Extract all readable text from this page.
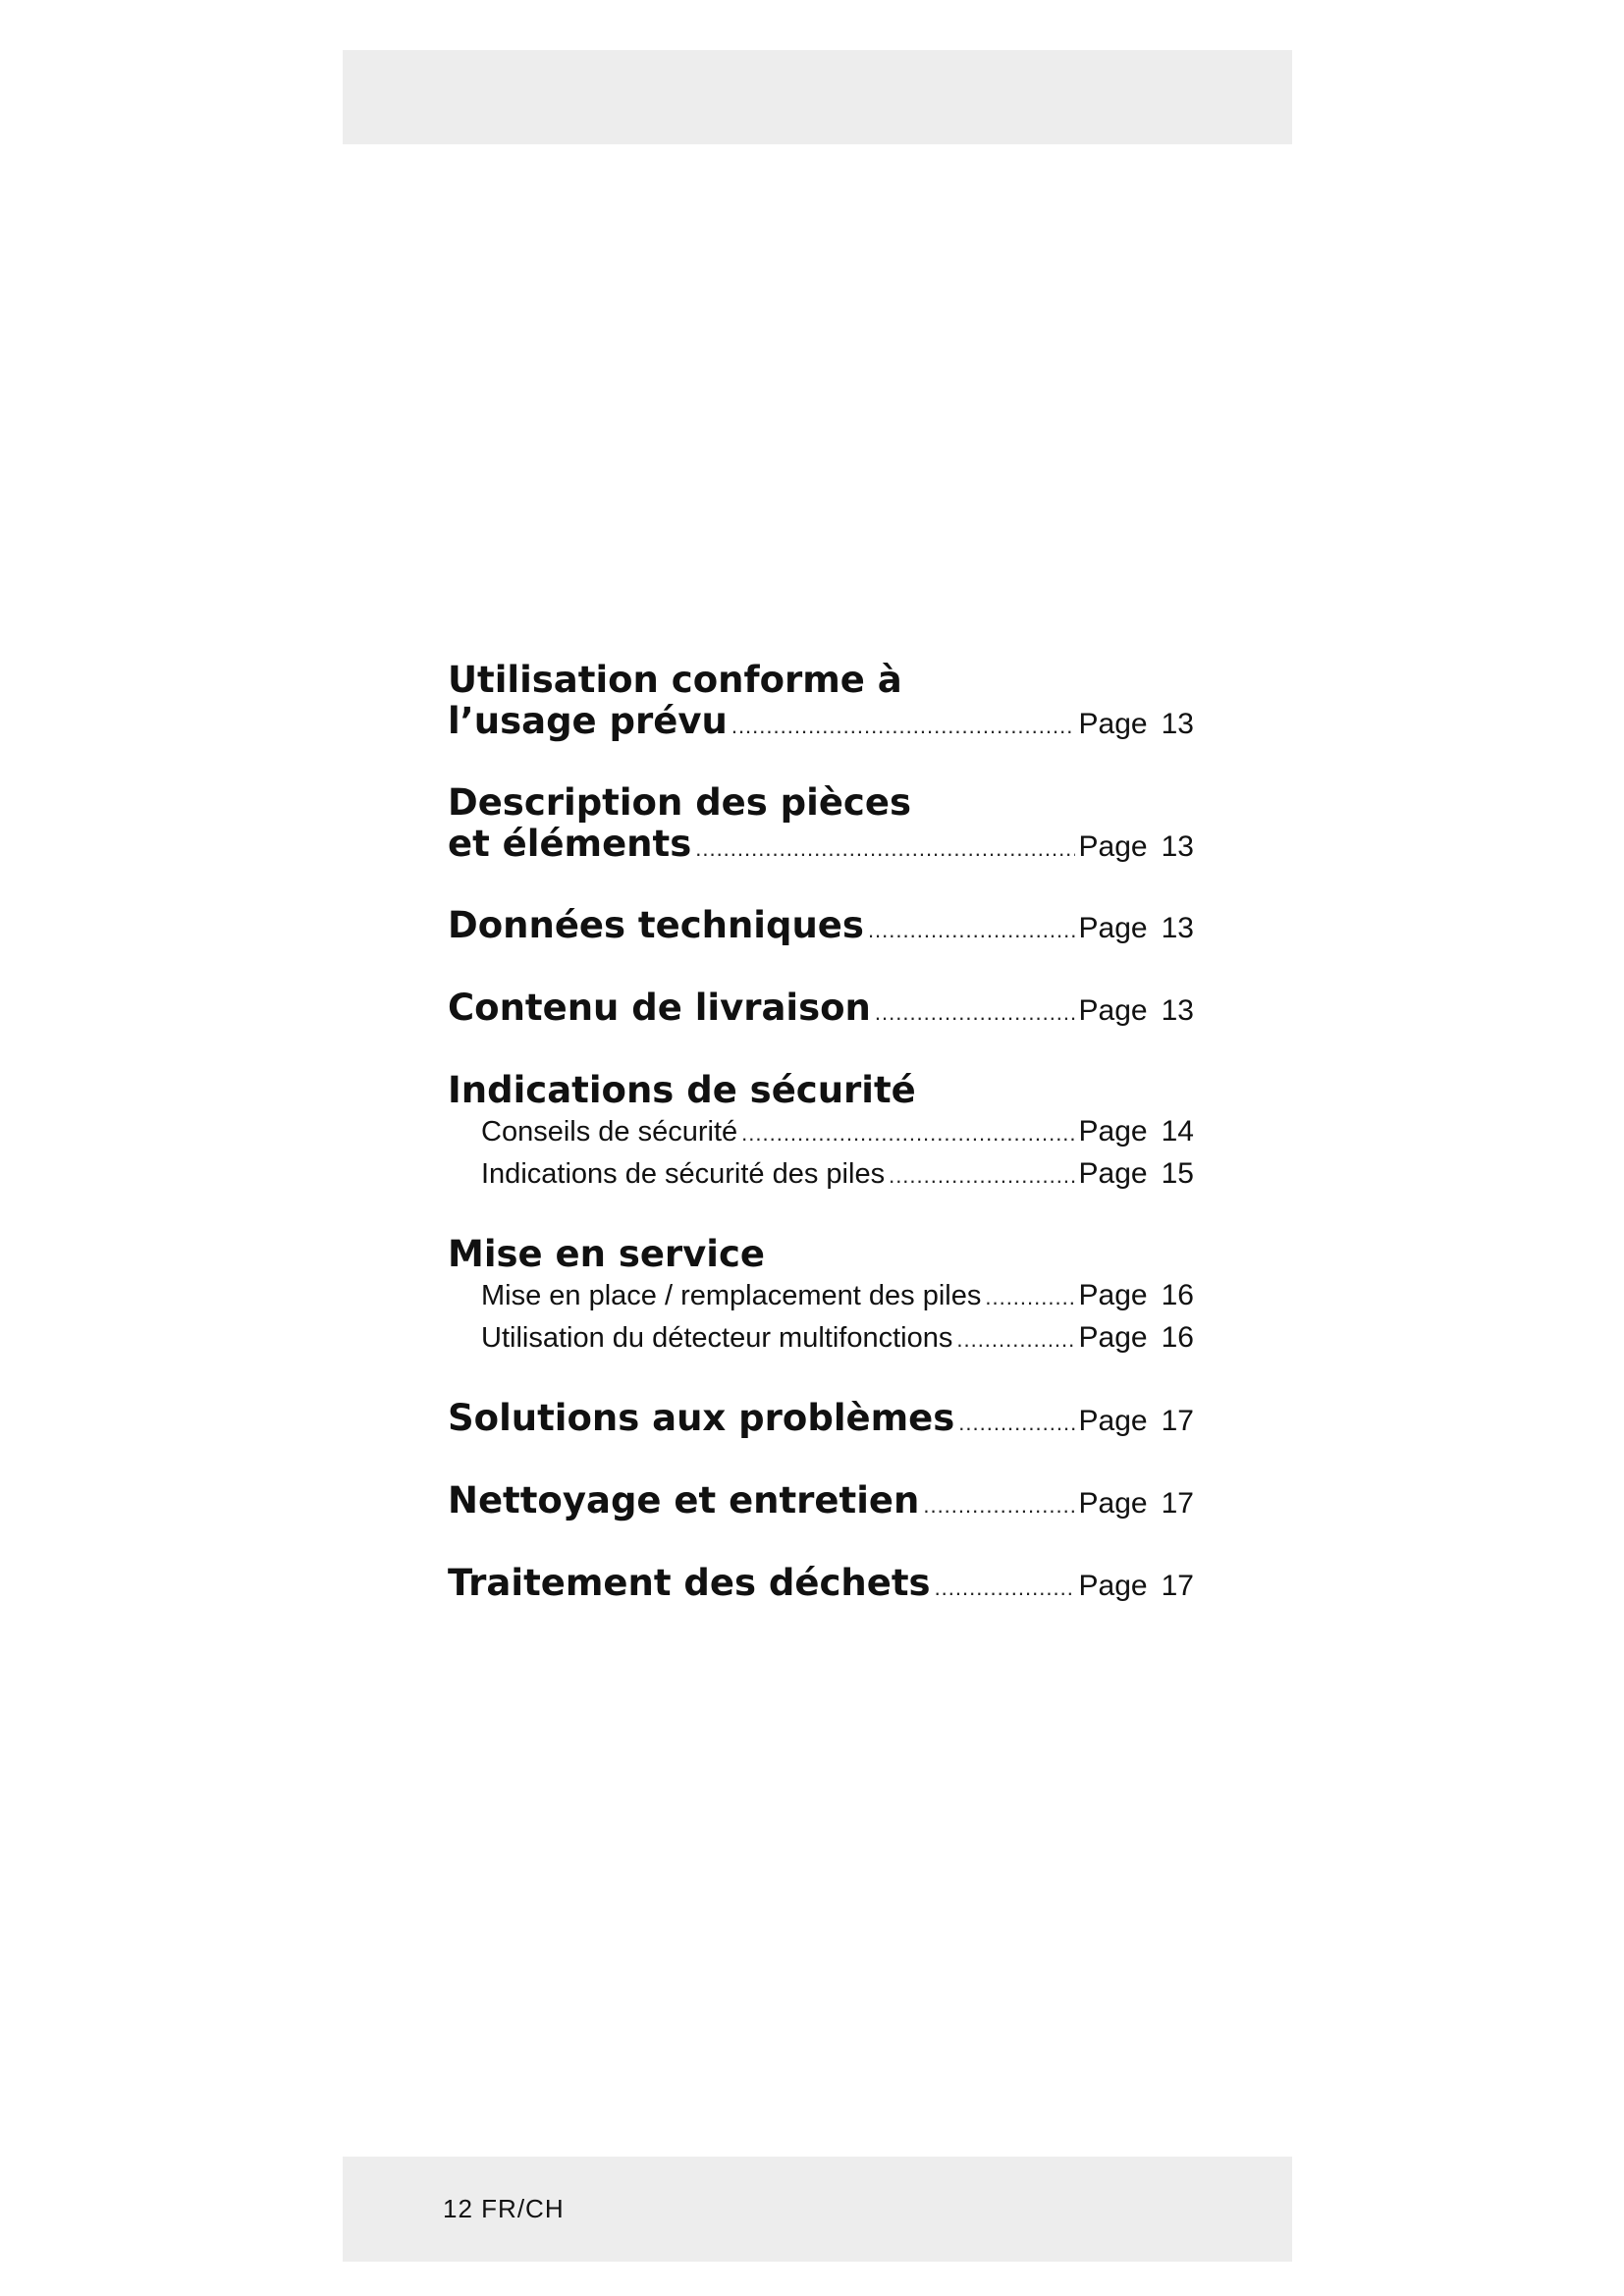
Utilisation conforme à
l’usage prévu .....	Page 13
Description des pièces
et éléments .....	Page 13
Données techniques .....	Page 13
Contenu de livraison .....	Page 13
Indications de sécurité
Conseils de sécurité .....	Page 14
Indications de sécurité des piles .....	Page 15
Mise en service
Mise en place / remplacement des piles .....	Page 16
Utilisation du détecteur multifonctions .....	Page 16
Solutions aux problèmes .....	Page 17
Nettoyage et entretien .....	Page 17
Traitement des déchets .....	Page 17
12 FR/CH
